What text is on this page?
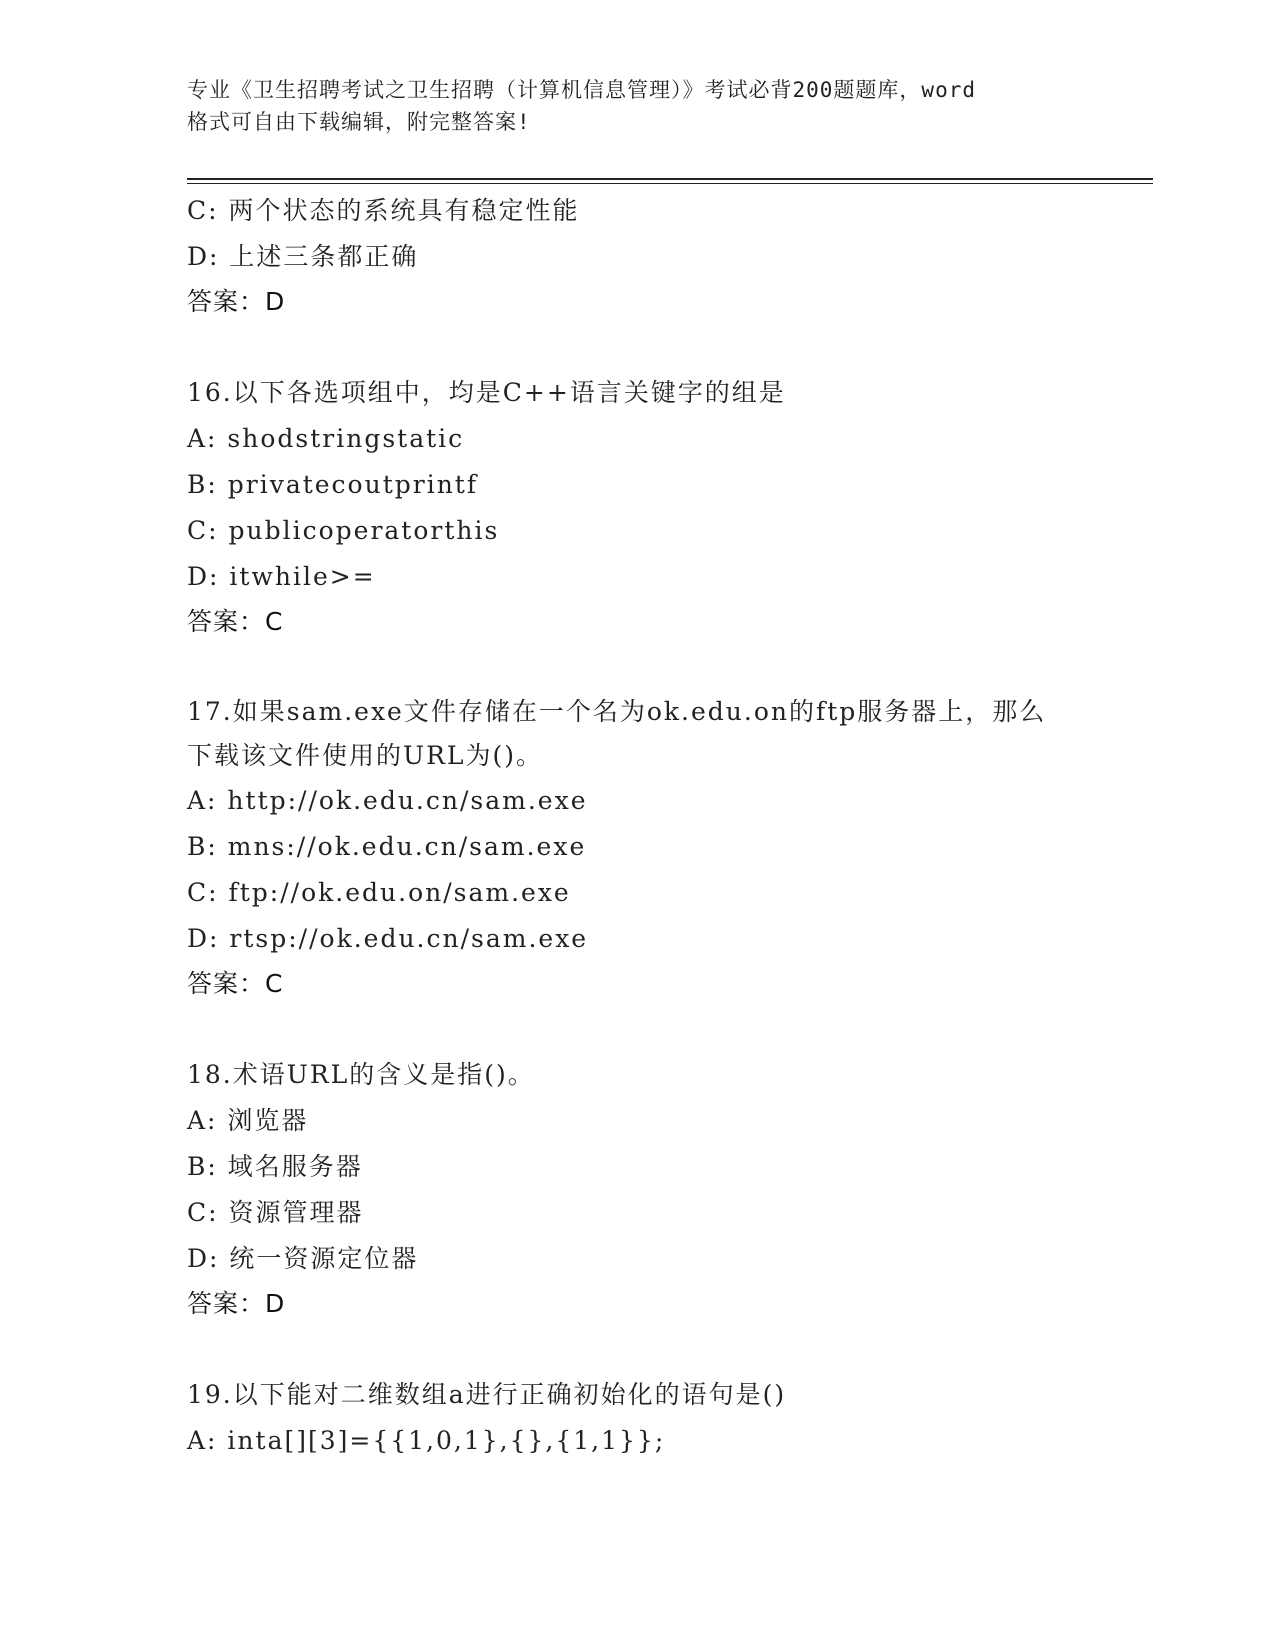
专业《卫生招聘考试之卫生招聘（计算机信息管理）》考试必背200题题库，word
格式可自由下载编辑，附完整答案!
C: 两个状态的系统具有稳定性能
D: 上述三条都正确
答案：D
16.以下各选项组中，均是C++语言关键字的组是
A: shodstringstatic
B: privatecoutprintf
C: publicoperatorthis
D: itwhile>=
答案：C
17.如果sam.exe文件存储在一个名为ok.edu.on的ftp服务器上，那么下载该文件使用的URL为()。
A: http://ok.edu.cn/sam.exe
B: mns://ok.edu.cn/sam.exe
C: ftp://ok.edu.on/sam.exe
D: rtsp://ok.edu.cn/sam.exe
答案：C
18.术语URL的含义是指()。
A: 浏览器
B: 域名服务器
C: 资源管理器
D: 统一资源定位器
答案：D
19.以下能对二维数组a进行正确初始化的语句是()
A: inta[][3]={{1,0,1},{},{1,1}};
